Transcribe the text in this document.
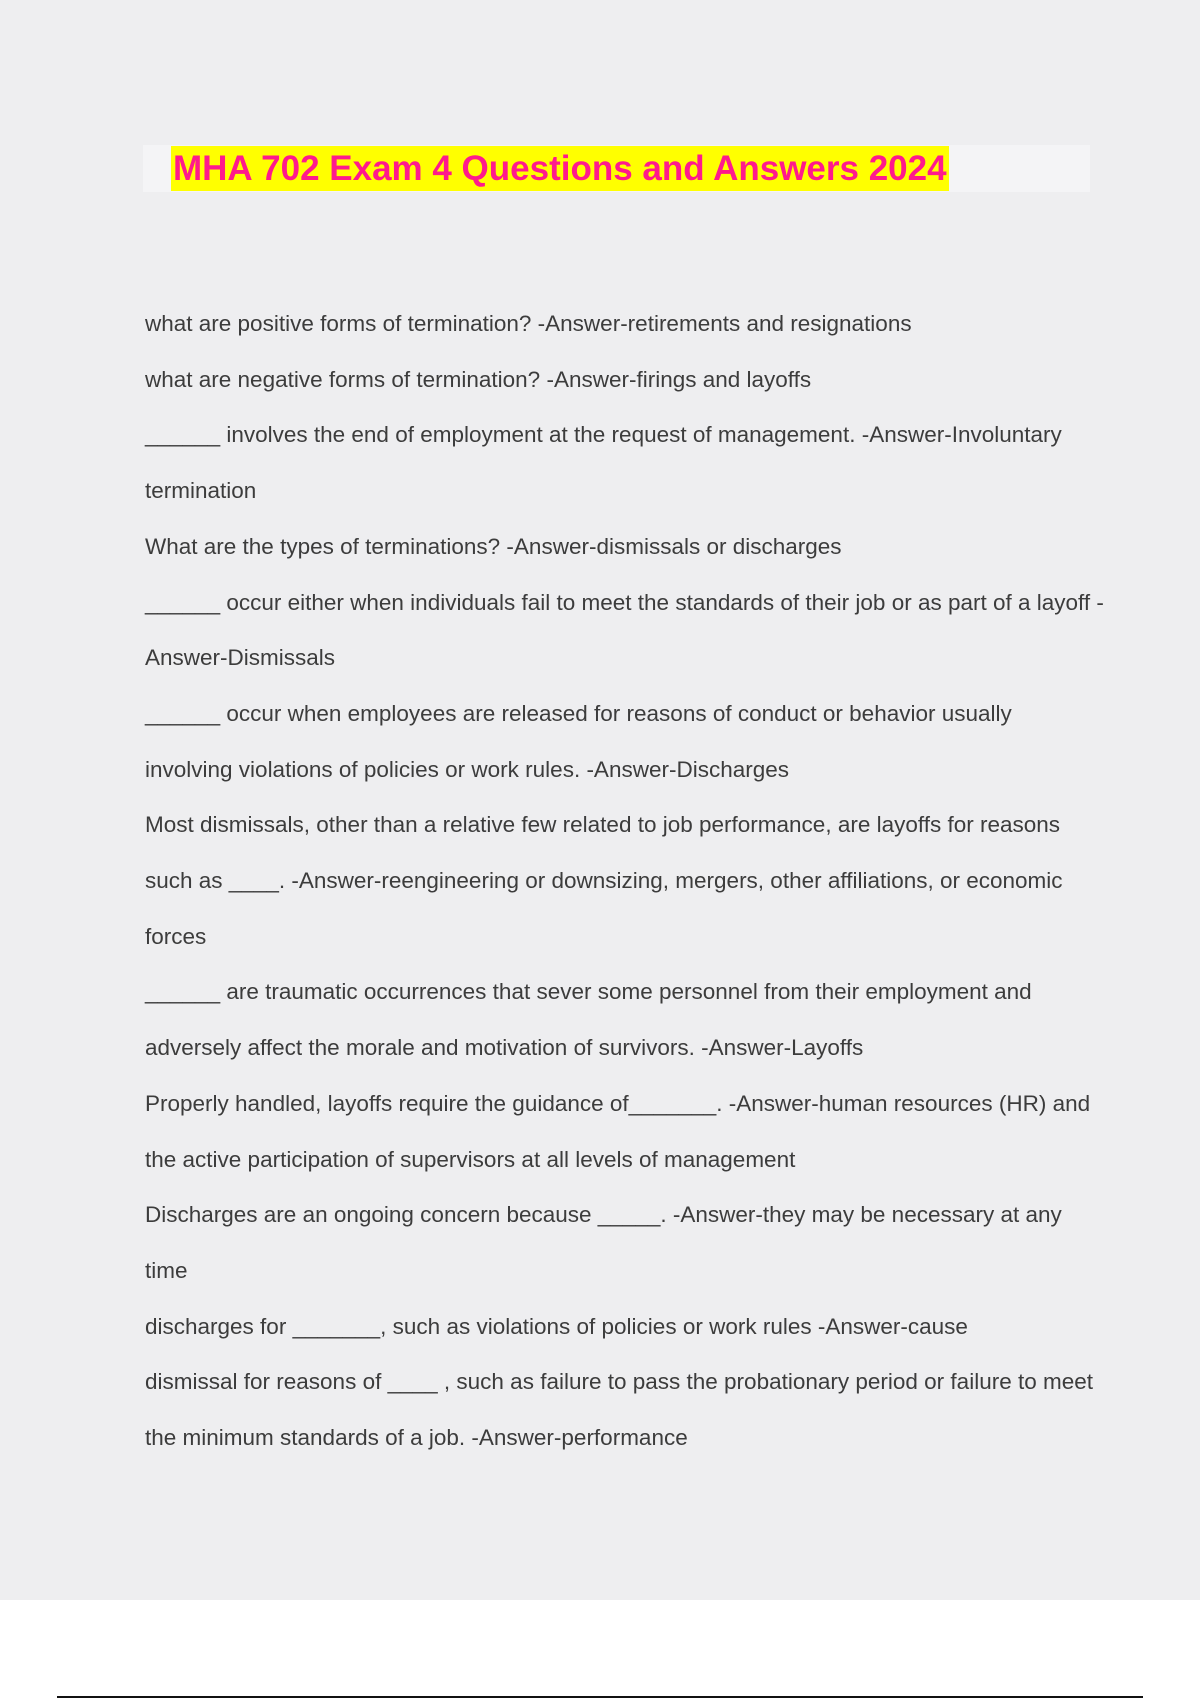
MHA 702 Exam 4 Questions and Answers 2024

what are positive forms of termination? -Answer-retirements and resignations

what are negative forms of termination? -Answer-firings and layoffs

______ involves the end of employment at the request of management. -Answer-Involuntary termination

What are the types of terminations? -Answer-dismissals or discharges

______ occur either when individuals fail to meet the standards of their job or as part of a layoff -Answer-Dismissals

______ occur when employees are released for reasons of conduct or behavior usually involving violations of policies or work rules. -Answer-Discharges

Most dismissals, other than a relative few related to job performance, are layoffs for reasons such as ____. -Answer-reengineering or downsizing, mergers, other affiliations, or economic forces

______ are traumatic occurrences that sever some personnel from their employment and adversely affect the morale and motivation of survivors. -Answer-Layoffs

Properly handled, layoffs require the guidance of_______. -Answer-human resources (HR) and the active participation of supervisors at all levels of management

Discharges are an ongoing concern because _____. -Answer-they may be necessary at any time

discharges for _______, such as violations of policies or work rules -Answer-cause

dismissal for reasons of ____ , such as failure to pass the probationary period or failure to meet the minimum standards of a job. -Answer-performance
